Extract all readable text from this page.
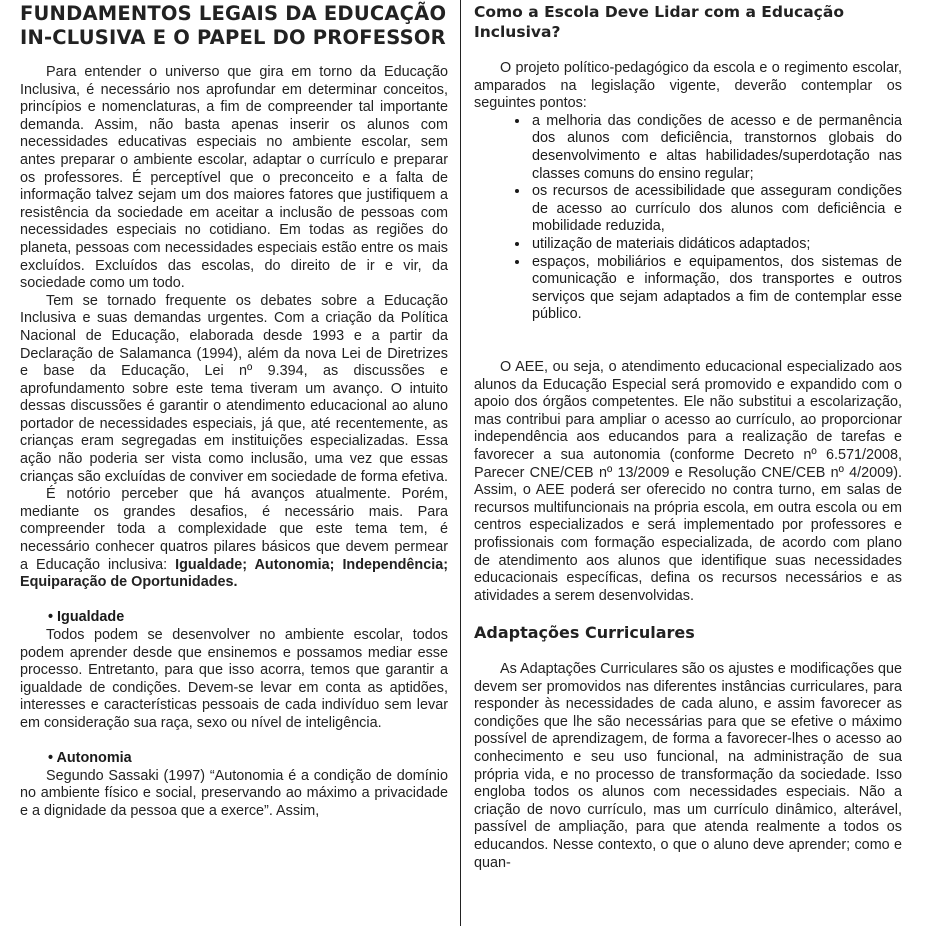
FUNDAMENTOS LEGAIS DA EDUCAÇÃO IN-CLUSIVA E O PAPEL DO PROFESSOR

Para entender o universo que gira em torno da Educação Inclusiva, é necessário nos aprofundar em determinar conceitos, princípios e nomenclaturas, a fim de compreender tal importante demanda. Assim, não basta apenas inserir os alunos com necessidades educativas especiais no ambiente escolar, sem antes preparar o ambiente escolar, adaptar o currículo e preparar os professores. É perceptível que o preconceito e a falta de informação talvez sejam um dos maiores fatores que justifiquem a resistência da sociedade em aceitar a inclusão de pessoas com necessidades especiais no cotidiano. Em todas as regiões do planeta, pessoas com necessidades especiais estão entre os mais excluídos. Excluídos das escolas, do direito de ir e vir, da sociedade como um todo.

Tem se tornado frequente os debates sobre a Educação Inclusiva e suas demandas urgentes. Com a criação da Política Nacional de Educação, elaborada desde 1993 e a partir da Declaração de Salamanca (1994), além da nova Lei de Diretrizes e base da Educação, Lei nº 9.394, as discussões e aprofundamento sobre este tema tiveram um avanço. O intuito dessas discussões é garantir o atendimento educacional ao aluno portador de necessidades especiais, já que, até recentemente, as crianças eram segregadas em instituições especializadas. Essa ação não poderia ser vista como inclusão, uma vez que essas crianças são excluídas de conviver em sociedade de forma efetiva.

É notório perceber que há avanços atualmente. Porém, mediante os grandes desafios, é necessário mais. Para compreender toda a complexidade que este tema tem, é necessário conhecer quatros pilares básicos que devem permear a Educação inclusiva: Igualdade; Autonomia; Independência; Equiparação de Oportunidades.

• Igualdade

Todos podem se desenvolver no ambiente escolar, todos podem aprender desde que ensinemos e possamos mediar esse processo. Entretanto, para que isso acorra, temos que garantir a igualdade de condições. Devem-se levar em conta as aptidões, interesses e características pessoais de cada indivíduo sem levar em consideração sua raça, sexo ou nível de inteligência.

• Autonomia

Segundo Sassaki (1997) “Autonomia é a condição de domínio no ambiente físico e social, preservando ao máximo a privacidade e a dignidade da pessoa que a exerce”. Assim,

Como a Escola Deve Lidar com a Educação Inclusiva?

O projeto político-pedagógico da escola e o regimento escolar, amparados na legislação vigente, deverão contemplar os seguintes pontos:

• a melhoria das condições de acesso e de permanência dos alunos com deficiência, transtornos globais do desenvolvimento e altas habilidades/superdotação nas classes comuns do ensino regular;
• os recursos de acessibilidade que asseguram condições de acesso ao currículo dos alunos com deficiência e mobilidade reduzida,
• utilização de materiais didáticos adaptados;
• espaços, mobiliários e equipamentos, dos sistemas de comunicação e informação, dos transportes e outros serviços que sejam adaptados a fim de contemplar esse público.

O AEE, ou seja, o atendimento educacional especializado aos alunos da Educação Especial será promovido e expandido com o apoio dos órgãos competentes. Ele não substitui a escolarização, mas contribui para ampliar o acesso ao currículo, ao proporcionar independência aos educandos para a realização de tarefas e favorecer a sua autonomia (conforme Decreto nº 6.571/2008, Parecer CNE/CEB nº 13/2009 e Resolução CNE/CEB nº 4/2009). Assim, o AEE poderá ser oferecido no contra turno, em salas de recursos multifuncionais na própria escola, em outra escola ou em centros especializados e será implementado por professores e profissionais com formação especializada, de acordo com plano de atendimento aos alunos que identifique suas necessidades educacionais específicas, defina os recursos necessários e as atividades a serem desenvolvidas.

Adaptações Curriculares

As Adaptações Curriculares são os ajustes e modificações que devem ser promovidos nas diferentes instâncias curriculares, para responder às necessidades de cada aluno, e assim favorecer as condições que lhe são necessárias para que se efetive o máximo possível de aprendizagem, de forma a favorecer-lhes o acesso ao conhecimento e seu uso funcional, na administração de sua própria vida, e no processo de transformação da sociedade. Isso engloba todos os alunos com necessidades especiais. Não a criação de novo currículo, mas um currículo dinâmico, alterável, passível de ampliação, para que atenda realmente a todos os educandos. Nesse contexto, o que o aluno deve aprender; como e quan-
